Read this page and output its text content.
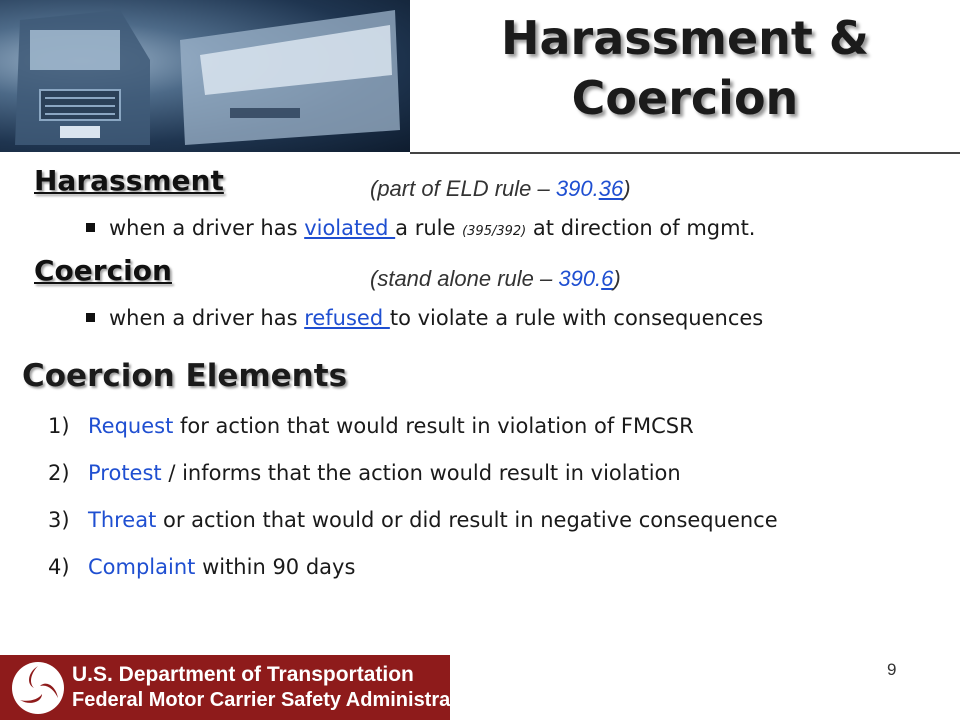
Harassment &
Coercion
Harassment	(part of ELD rule – 390.36)
when a driver has violated a rule (395/392) at direction of mgmt.
Coercion	(stand alone rule – 390.6)
when a driver has refused to violate a rule with consequences
Coercion Elements
1) Request for action that would result in violation of FMCSR
2) Protest / informs that the action would result in violation
3) Threat or action that would or did result in negative consequence
4) Complaint within 90 days
U.S. Department of Transportation
Federal Motor Carrier Safety Administration
9
